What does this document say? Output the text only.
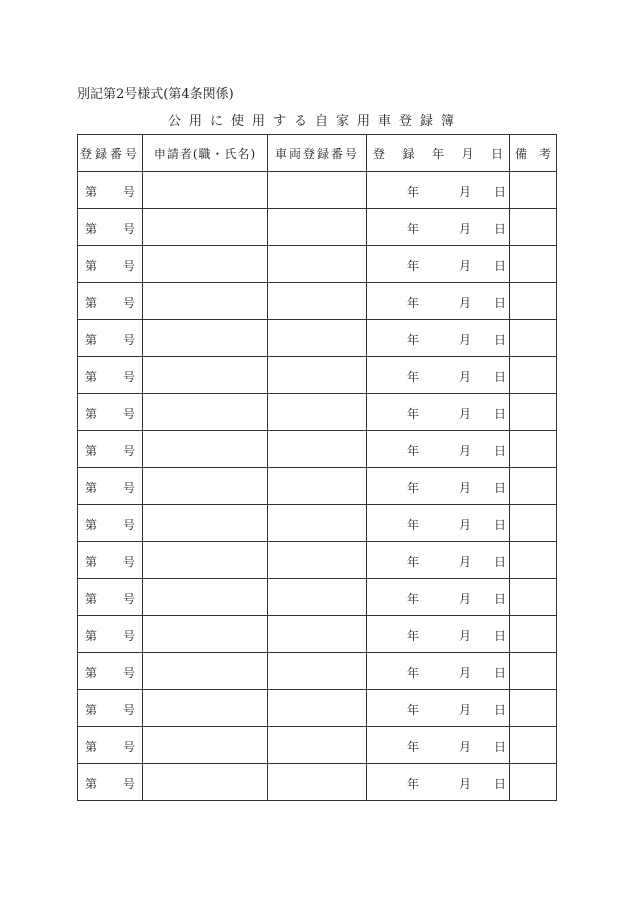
別記第2号様式(第4条関係)
公用に使用する自家用車登録簿
登録番号	申請者(職・氏名)	車両登録番号	登 録 年 月 日	備　考

第 号			年 月 日	

第 号			年 月 日	

第 号			年 月 日	

第 号			年 月 日	

第 号			年 月 日	

第 号			年 月 日	

第 号			年 月 日	

第 号			年 月 日	

第 号			年 月 日	

第 号			年 月 日	

第 号			年 月 日	

第 号			年 月 日	

第 号			年 月 日	

第 号			年 月 日	

第 号			年 月 日	

第 号			年 月 日	

第 号			年 月 日	
